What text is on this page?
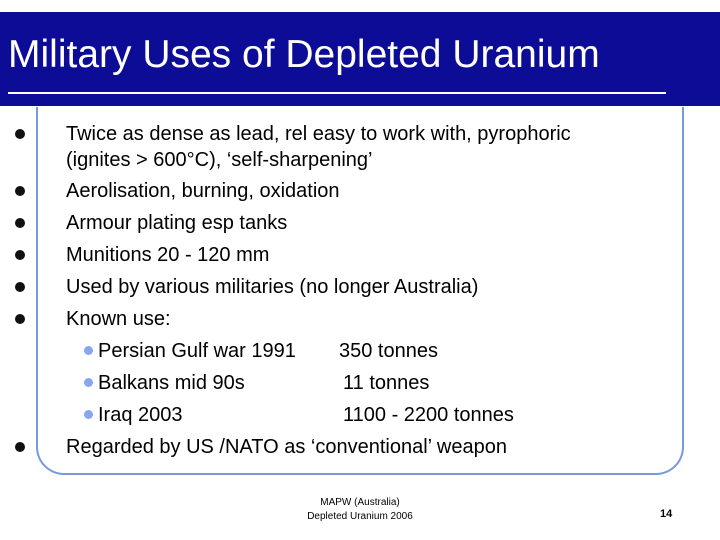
Military Uses of Depleted Uranium
Twice as dense as lead, rel easy to work with, pyrophoric
(ignites > 600°C), ‘self-sharpening’
Aerolisation, burning, oxidation
Armour plating esp tanks
Munitions 20 - 120 mm
Used by various militaries (no longer Australia)
Known use:
Persian Gulf war 1991 350 tonnes
Balkans mid 90s	11 tonnes
Iraq 2003	1100 - 2200 tonnes
Regarded by US /NATO as ‘conventional’ weapon
MAPW (Australia)
Depleted Uranium 2006	14
